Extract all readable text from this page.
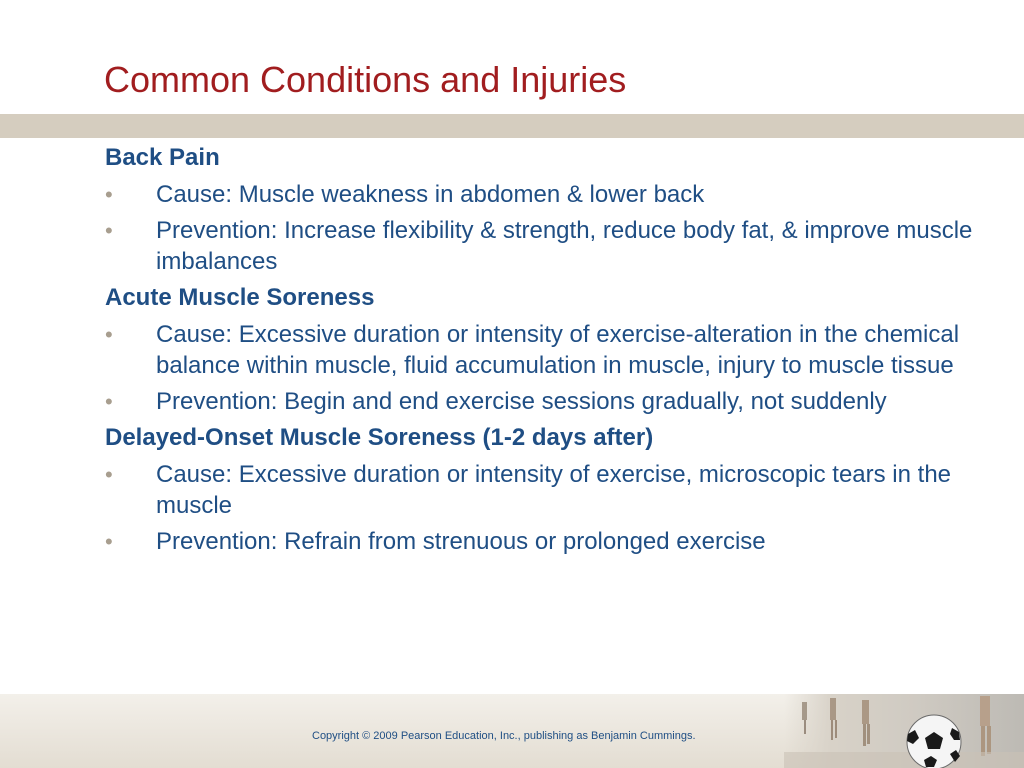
Common Conditions and Injuries
Back Pain
• Cause: Muscle weakness in abdomen & lower back
• Prevention: Increase flexibility & strength, reduce body fat, & improve muscle imbalances
Acute Muscle Soreness
• Cause: Excessive duration or intensity of exercise-alteration in the chemical balance within muscle, fluid accumulation in muscle, injury to muscle tissue
• Prevention: Begin and end exercise sessions gradually, not suddenly
Delayed-Onset Muscle Soreness (1-2 days after)
• Cause: Excessive duration or intensity of exercise, microscopic tears in the muscle
• Prevention: Refrain from strenuous or prolonged exercise
Copyright © 2009 Pearson Education, Inc., publishing as Benjamin Cummings.
